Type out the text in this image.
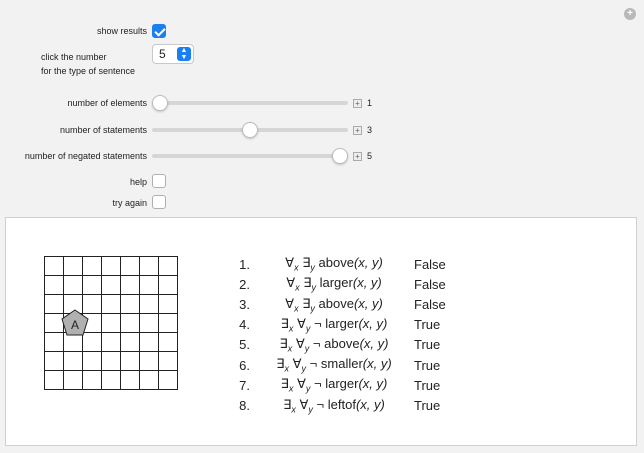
+
show results
click the number
for the type of sentence
5	▲
▼
number of elements	+ 1
number of statements	+ 3
number of negated statements	+ 5
help
try again
A
1.	$\forall_x$ $\exists_y$ above(x, y)	False
2.	$\forall_x$ $\exists_y$ larger(x, y)	False
3.	$\forall_x$ $\exists_y$ above(x, y)	False
4.	$\exists_x$ $\forall_y$ ¬ larger(x, y)	True
5.	$\exists_x$ $\forall_y$ ¬ above(x, y)	True
6.	$\exists_x$ $\forall_y$ ¬ smaller(x, y)	True
7.	$\exists_x$ $\forall_y$ ¬ larger(x, y)	True
8.	$\exists_x$ $\forall_y$ ¬ leftof(x, y)	True
